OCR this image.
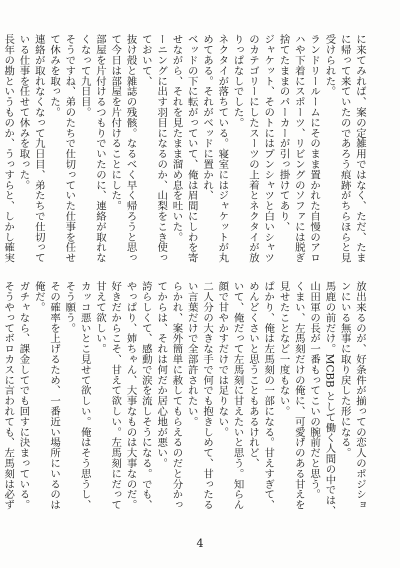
に来てみれば、案の定雑用ではなく、ただ、たまに帰って来ていたのであろう痕跡がちらほらと見受けられた。
ランドリールームにそのまま置かれた自慢のアロハや下着にスポーツ、リビングのソファには脱ぎ捨てたままのパーカーが引っ掛けてあり、
ジャケット、そのトにはプンシャツと白いシャツのカテゴリーにしたスーツの上着とネクタイが放りっぱなしでした。
ネクタイが落ちている。寝室にはジャケットが丸めてある。それがべッドに置かれ、
ベッドの下に転がっていて、俺は眉間にしわを寄せながら、それを見たまま溜め息を吐いた。
ーニングに出す羽目になるのか、山梨をこき使っておいて、
抜け殻と雑誌の残骸。なるべく早く帰ろうと思って今日は部屋を片付けることにした。
部屋を片付けるつもりでいたのに、連絡が取れなくなって九日目。
そうですね、弟のたちで仕切っていた仕事を任せて休みを取った。
連絡が取れなくなって九日目、弟たちで仕切っている仕事を任せて休みを取った。
長年の勘というものか、うっすらと、しかし確実
放出来るのが、好条件が揃っての恋人のポジションにいる無事に取り戻した形になる。
馬鹿の前だけ。MCBB として働く人間の中では、山田軍の長が一番もってこいの腕前だと思う。
くまい、左馬刻だけの俺に、可愛げのある甘えを見せたことなど一度もない。
ぱかり、俺は左馬刻の一部になる。甘えすぎて、めんどくさいと思うこともあるけれど、
いて、俺だって左馬刻に甘えたいと思う。知らん顔で甘やかすだけでは足りない。
二人分の大きな手で何でも抱きしめて、甘ったるい言葉だけで全部許されたい。
らかれ、案外簡単に赦してもらえるのだと分かってからは、それは何だか居心地が悪い。
誇らしくて、感動で涙を流しそうになる。でも、やっぱり、姉ちゃん、大事なものは大事なのだ。
好きだからこそ、甘えて欲しい。左馬刻にだって甘えて欲しい。
カッコ悪いとこ見せて欲しい。俺はそう思うし、そう願う。
その確率を上げるため、一番近い場所にいるのは俺だ。
ガチャなら、課金してでも回すに決まっている。
そうやってボロカスに言われても、左馬刻は必ず
4
